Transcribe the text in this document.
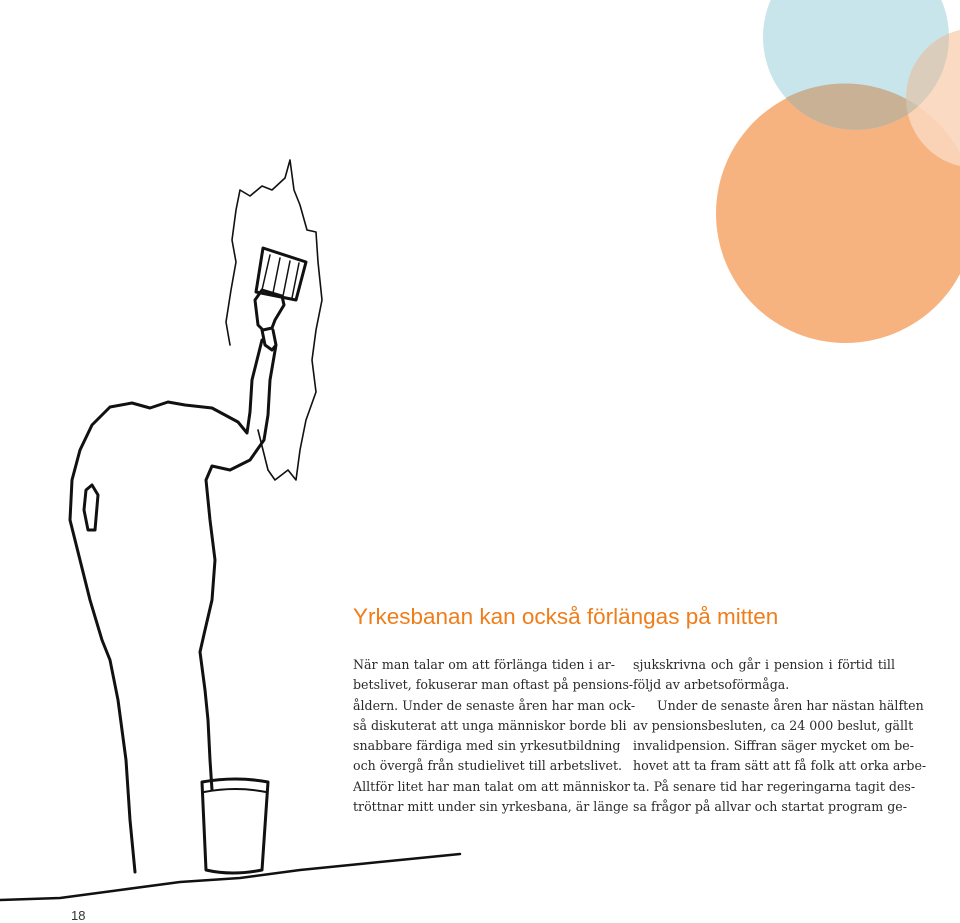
Yrkesbanan kan också förlängas på mitten
När man talar om att förlänga tiden i ar-
betslivet, fokuserar man oftast på pensions-
åldern. Under de senaste åren har man ock-
så diskuterat att unga människor borde bli
snabbare färdiga med sin yrkesutbildning
och övergå från studielivet till arbetslivet.
Alltför litet har man talat om att människor
tröttnar mitt under sin yrkesbana, är länge
sjukskrivna och går i pension i förtid till
följd av arbetsoförmåga.
Under de senaste åren har nästan hälften
av pensionsbesluten, ca 24 000 beslut, gällt
invalidpension. Siffran säger mycket om be-
hovet att ta fram sätt att få folk att orka arbe-
ta. På senare tid har regeringarna tagit des-
sa frågor på allvar och startat program ge-
18
